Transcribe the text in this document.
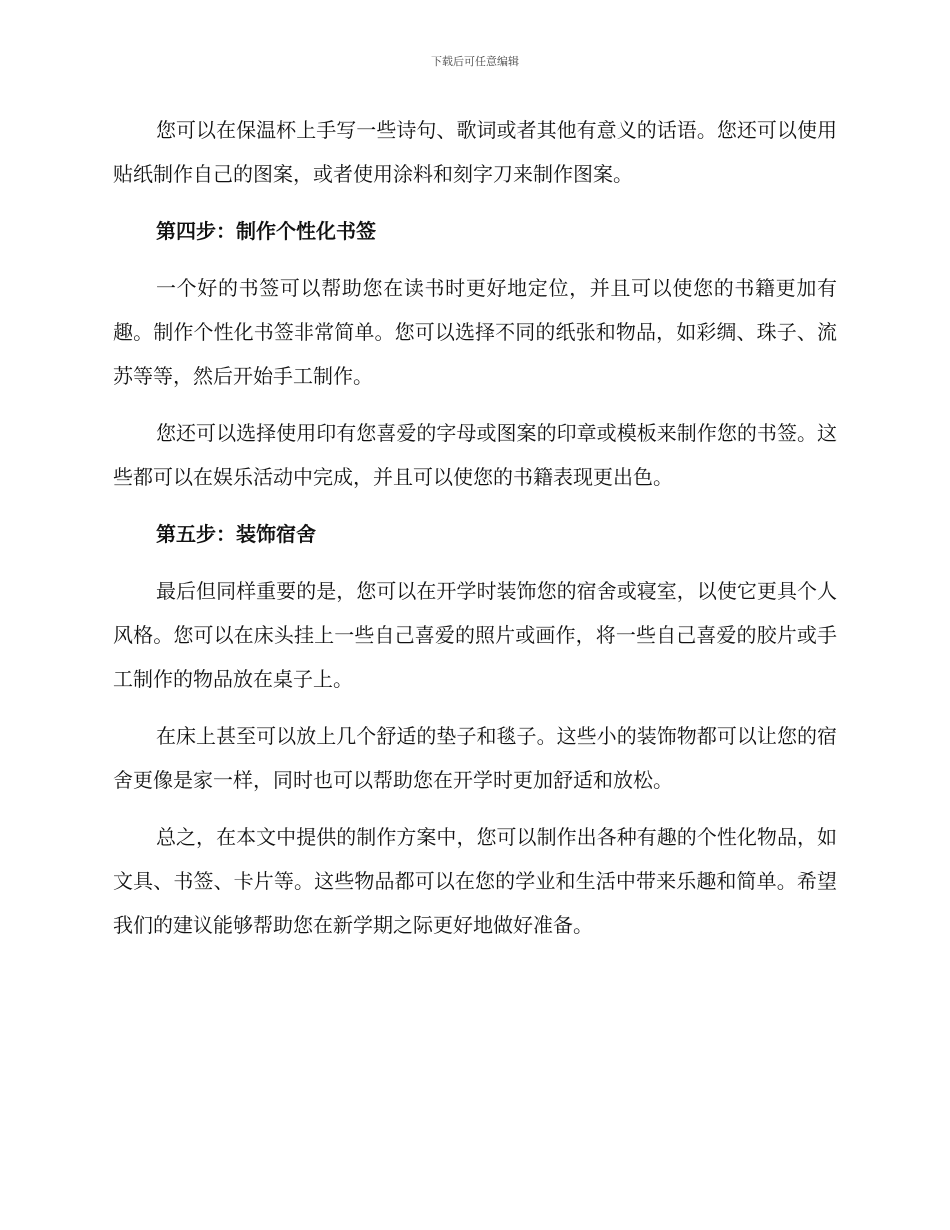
下载后可任意编辑

您可以在保温杯上手写一些诗句、歌词或者其他有意义的话语。您还可以使用贴纸制作自己的图案，或者使用涂料和刻字刀来制作图案。

第四步：制作个性化书签

一个好的书签可以帮助您在读书时更好地定位，并且可以使您的书籍更加有趣。制作个性化书签非常简单。您可以选择不同的纸张和物品，如彩绸、珠子、流苏等等，然后开始手工制作。

您还可以选择使用印有您喜爱的字母或图案的印章或模板来制作您的书签。这些都可以在娱乐活动中完成，并且可以使您的书籍表现更出色。

第五步：装饰宿舍

最后但同样重要的是，您可以在开学时装饰您的宿舍或寝室，以使它更具个人风格。您可以在床头挂上一些自己喜爱的照片或画作，将一些自己喜爱的胶片或手工制作的物品放在桌子上。

在床上甚至可以放上几个舒适的垫子和毯子。这些小的装饰物都可以让您的宿舍更像是家一样，同时也可以帮助您在开学时更加舒适和放松。

总之，在本文中提供的制作方案中，您可以制作出各种有趣的个性化物品，如文具、书签、卡片等。这些物品都可以在您的学业和生活中带来乐趣和简单。希望我们的建议能够帮助您在新学期之际更好地做好准备。
